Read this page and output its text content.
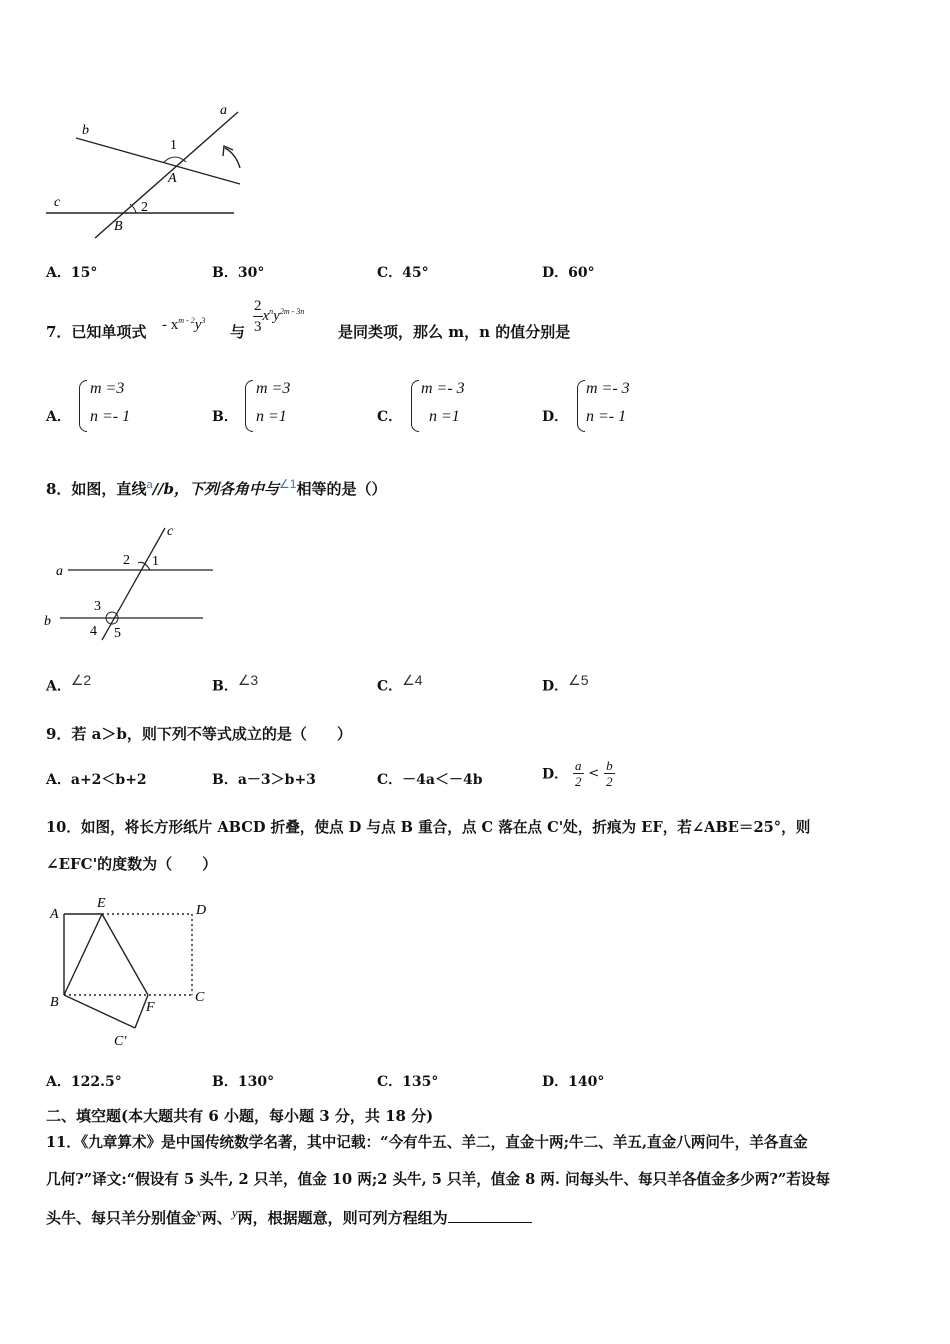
a
b
c
1
2
A
B
A．15°	B．30°	C．45°	D．60°
7．已知单项式 - $x^{m - 2}y^3$
与 $\frac{2}{3} x^ny^{2m - 3n}$
是同类项，那么 m，n 的值分别是
A．
m =3
n =- 1	B．
m =3
n =1	C．
m =- 3
n =1	D．
m =- 3
n =- 1
8．如图，直线$^a$//b，下列各角中与$^{\angle 1}$相等的是（）
c
a
b
2 1
3
4 5
A．$^{\angle 2}$	B．$^{\angle 3}$	C．$^{\angle 4}$	D．$^{\angle 5}$
9．若 a＞b，则下列不等式成立的是（　　）
A．a+2＜b+2	B．a－3＞b+3	C．－4a＜－4b	D． $\frac{a}{2} < \frac{b}{2}$
10．如图，将长方形纸片 ABCD 折叠，使点 D 与点 B 重合，点 C 落在点 C'处，折痕为 EF，若∠ABE＝25°，则
∠EFC'的度数为（　　）
A
E	D
B	F
C
C'
A．122.5°	B．130°	C．135°	D．140°
二、填空题(本大题共有 6 小题，每小题 3 分，共 18 分)
11．《九章算术》是中国传统数学名著，其中记载：“今有牛五、羊二，直金十两;牛二、羊五,直金八两问牛，羊各直金
几何?”译文:“假设有 5 头牛, 2 只羊，值金 10 两;2 头牛, 5 只羊，值金 8 两. 问每头牛、每只羊各值金多少两?”若设每
头牛、每只羊分别值金$^x$两、$^y$两，根据题意，则可列方程组为
